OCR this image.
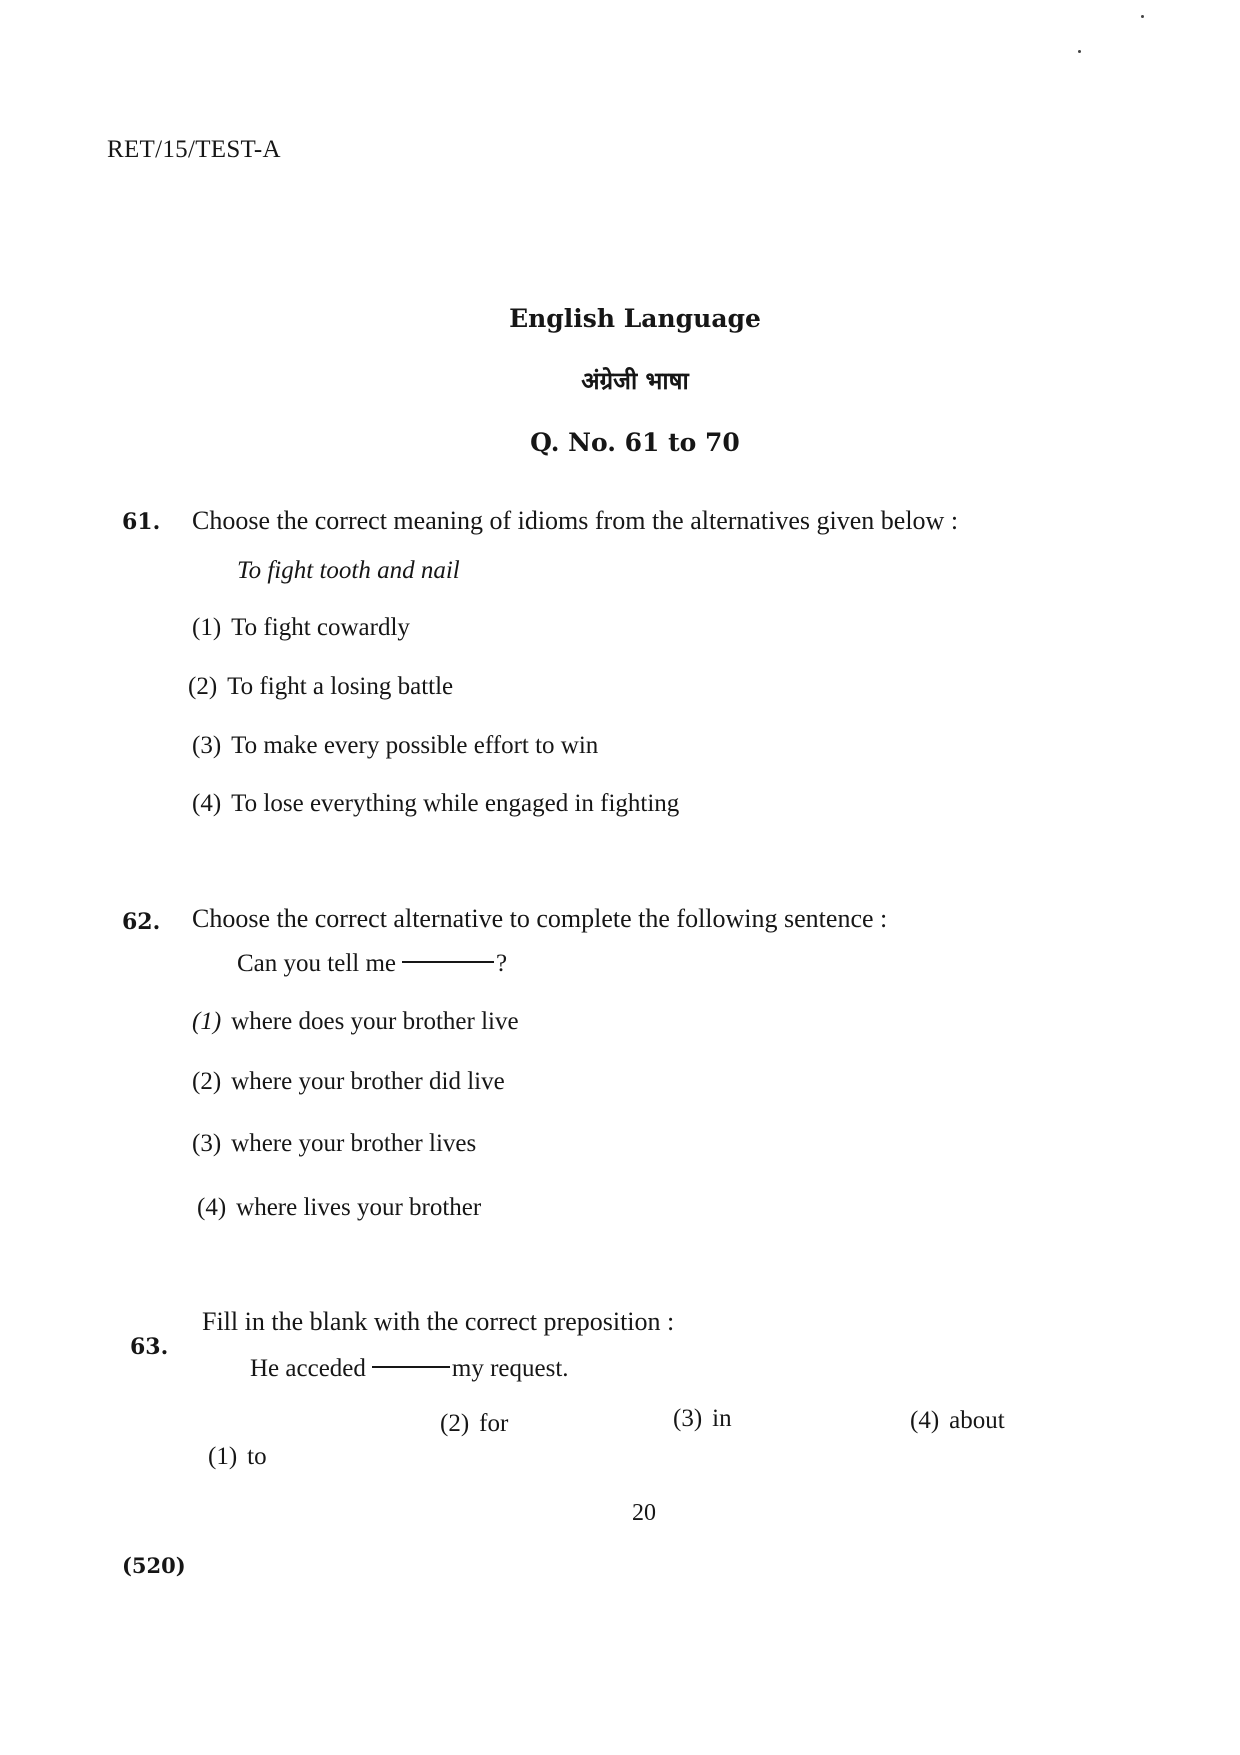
RET/15/TEST-A
English Language
अंग्रेजी भाषा
Q. No. 61 to 70
61. Choose the correct meaning of idioms from the alternatives given below :
To fight tooth and nail
(1) To fight cowardly
(2) To fight a losing battle
(3) To make every possible effort to win
(4) To lose everything while engaged in fighting
62. Choose the correct alternative to complete the following sentence :
Can you tell me	?
(1) where does your brother live
(2) where your brother did live
(3) where your brother lives
(4) where lives your brother
63.
Fill in the blank with the correct preposition :
He acceded	my request.
(1) to
(2) for	(3) in	(4) about
20
(520)
